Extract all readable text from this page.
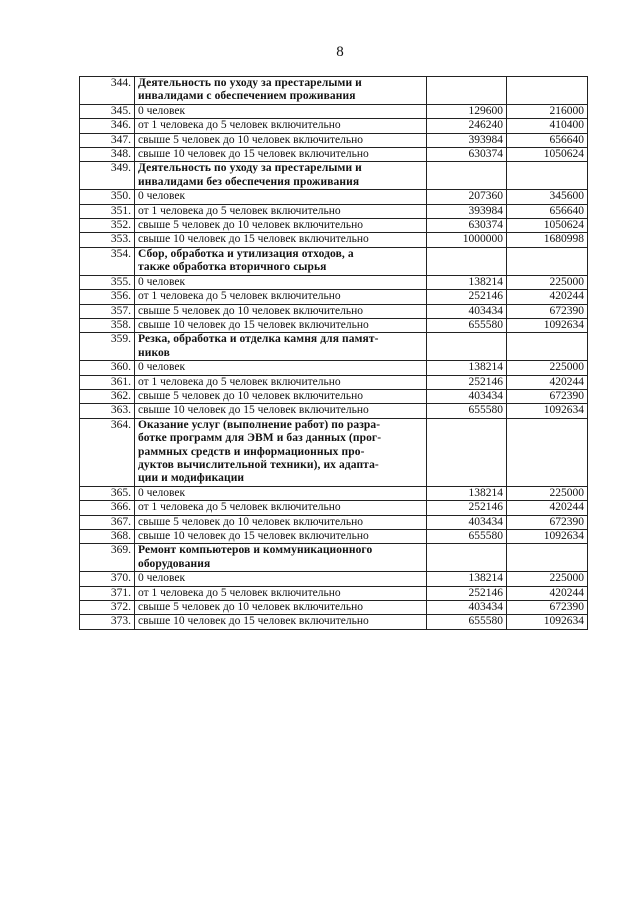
8
344.	Деятельность по уходу за престарелыми и
инвалидами с обеспечением проживания		

345.	0 человек	129600	216000
346.	от 1 человека до 5 человек включительно	246240	410400
347.	свыше 5 человек до 10 человек включительно	393984	656640
348.	свыше 10 человек до 15 человек включительно	630374	1050624
349.	Деятельность по уходу за престарелыми и
инвалидами без обеспечения проживания		

350.	0 человек	207360	345600
351.	от 1 человека до 5 человек включительно	393984	656640
352.	свыше 5 человек до 10 человек включительно	630374	1050624
353.	свыше 10 человек до 15 человек включительно	1000000	1680998
354.	Сбор, обработка и утилизация отходов, а
также обработка вторичного сырья		

355.	0 человек	138214	225000
356.	от 1 человека до 5 человек включительно	252146	420244
357.	свыше 5 человек до 10 человек включительно	403434	672390
358.	свыше 10 человек до 15 человек включительно	655580	1092634
359.	Резка, обработка и отделка камня для памят-
ников		

360.	0 человек	138214	225000
361.	от 1 человека до 5 человек включительно	252146	420244
362.	свыше 5 человек до 10 человек включительно	403434	672390
363.	свыше 10 человек до 15 человек включительно	655580	1092634
364.	Оказание услуг (выполнение работ) по разра-
ботке программ для ЭВМ и баз данных (прог-
раммных средств и информационных про-
дуктов вычислительной техники), их адапта-
ции и модификации		

365.	0 человек	138214	225000
366.	от 1 человека до 5 человек включительно	252146	420244
367.	свыше 5 человек до 10 человек включительно	403434	672390
368.	свыше 10 человек до 15 человек включительно	655580	1092634
369.	Ремонт компьютеров и коммуникационного
оборудования		

370.	0 человек	138214	225000
371.	от 1 человека до 5 человек включительно	252146	420244
372.	свыше 5 человек до 10 человек включительно	403434	672390
373.	свыше 10 человек до 15 человек включительно	655580	1092634
